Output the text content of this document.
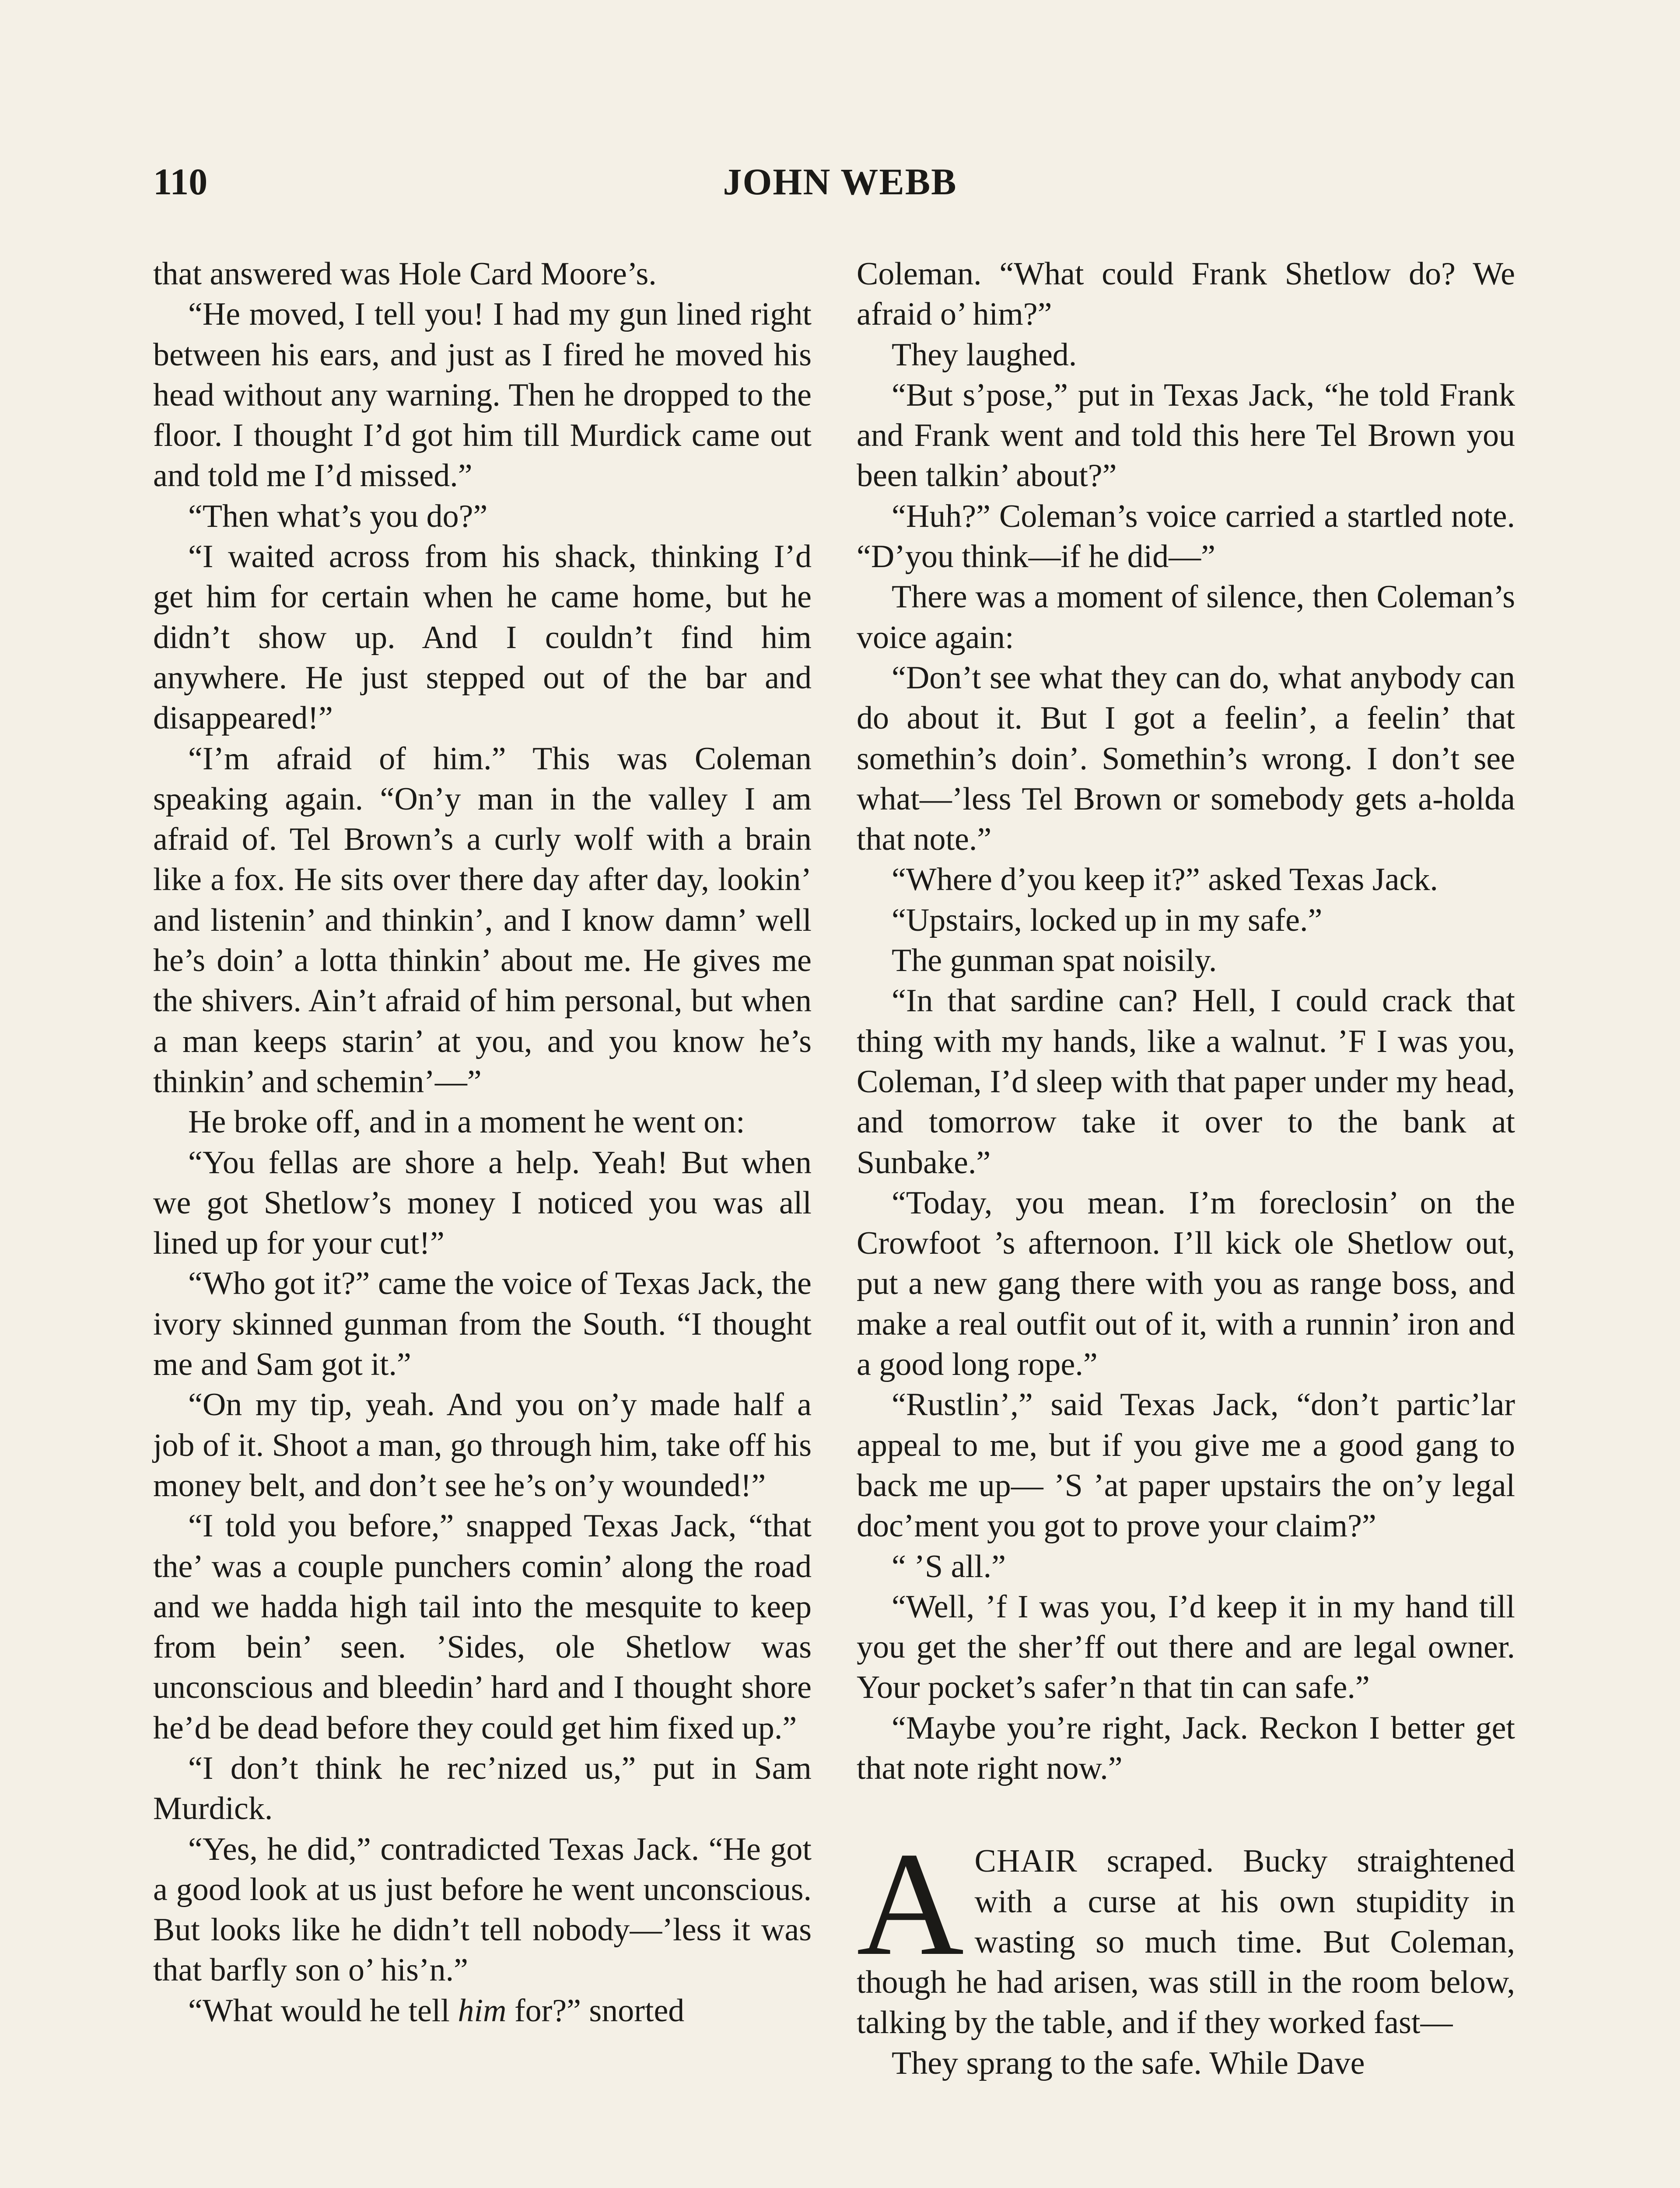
110	JOHN WEBB

that answered was Hole Card Moore’s.

“He moved, I tell you! I had my gun lined right between his ears, and just as I fired he moved his head without any warning. Then he dropped to the floor. I thought I’d got him till Murdick came out and told me I’d missed.”

“Then what’s you do?”

“I waited across from his shack, thinking I’d get him for certain when he came home, but he didn’t show up. And I couldn’t find him anywhere. He just stepped out of the bar and disappeared!”

“I’m afraid of him.” This was Coleman speaking again. “On’y man in the valley I am afraid of. Tel Brown’s a curly wolf with a brain like a fox. He sits over there day after day, lookin’ and listenin’ and thinkin’, and I know damn’ well he’s doin’ a lotta thinkin’ about me. He gives me the shivers. Ain’t afraid of him personal, but when a man keeps starin’ at you, and you know he’s thinkin’ and schemin’—”

He broke off, and in a moment he went on:

“You fellas are shore a help. Yeah! But when we got Shetlow’s money I noticed you was all lined up for your cut!”

“Who got it?” came the voice of Texas Jack, the ivory skinned gunman from the South. “I thought me and Sam got it.”

“On my tip, yeah. And you on’y made half a job of it. Shoot a man, go through him, take off his money belt, and don’t see he’s on’y wounded!”

“I told you before,” snapped Texas Jack, “that the’ was a couple punchers comin’ along the road and we hadda high tail into the mesquite to keep from bein’ seen. ’Sides, ole Shetlow was unconscious and bleedin’ hard and I thought shore he’d be dead before they could get him fixed up.”

“I don’t think he rec’nized us,” put in Sam Murdick.

“Yes, he did,” contradicted Texas Jack. “He got a good look at us just before he went unconscious. But looks like he didn’t tell nobody—’less it was that barfly son o’ his’n.”

“What would he tell him for?” snorted

Coleman. “What could Frank Shetlow do? We afraid o’ him?”

They laughed.

“But s’pose,” put in Texas Jack, “he told Frank and Frank went and told this here Tel Brown you been talkin’ about?”

“Huh?” Coleman’s voice carried a startled note. “D’you think—if he did—”

There was a moment of silence, then Coleman’s voice again:

“Don’t see what they can do, what anybody can do about it. But I got a feelin’, a feelin’ that somethin’s doin’. Somethin’s wrong. I don’t see what—’less Tel Brown or somebody gets a-holda that note.”

“Where d’you keep it?” asked Texas Jack.

“Upstairs, locked up in my safe.”

The gunman spat noisily.

“In that sardine can? Hell, I could crack that thing with my hands, like a walnut. ’F I was you, Coleman, I’d sleep with that paper under my head, and tomorrow take it over to the bank at Sunbake.”

“Today, you mean. I’m foreclosin’ on the Crowfoot ’s afternoon. I’ll kick ole Shetlow out, put a new gang there with you as range boss, and make a real outfit out of it, with a runnin’ iron and a good long rope.”

“Rustlin’,” said Texas Jack, “don’t partic’lar appeal to me, but if you give me a good gang to back me up— ’S ’at paper upstairs the on’y legal doc’ment you got to prove your claim?”

“ ’S all.”

“Well, ’f I was you, I’d keep it in my hand till you get the sher’ff out there and are legal owner. Your pocket’s safer’n that tin can safe.”

“Maybe you’re right, Jack. Reckon I better get that note right now.”

ACHAIR scraped. Bucky straightened with a curse at his own stupidity in wasting so much time. But Coleman, though he had arisen, was still in the room below, talking by the table, and if they worked fast—

They sprang to the safe. While Dave
